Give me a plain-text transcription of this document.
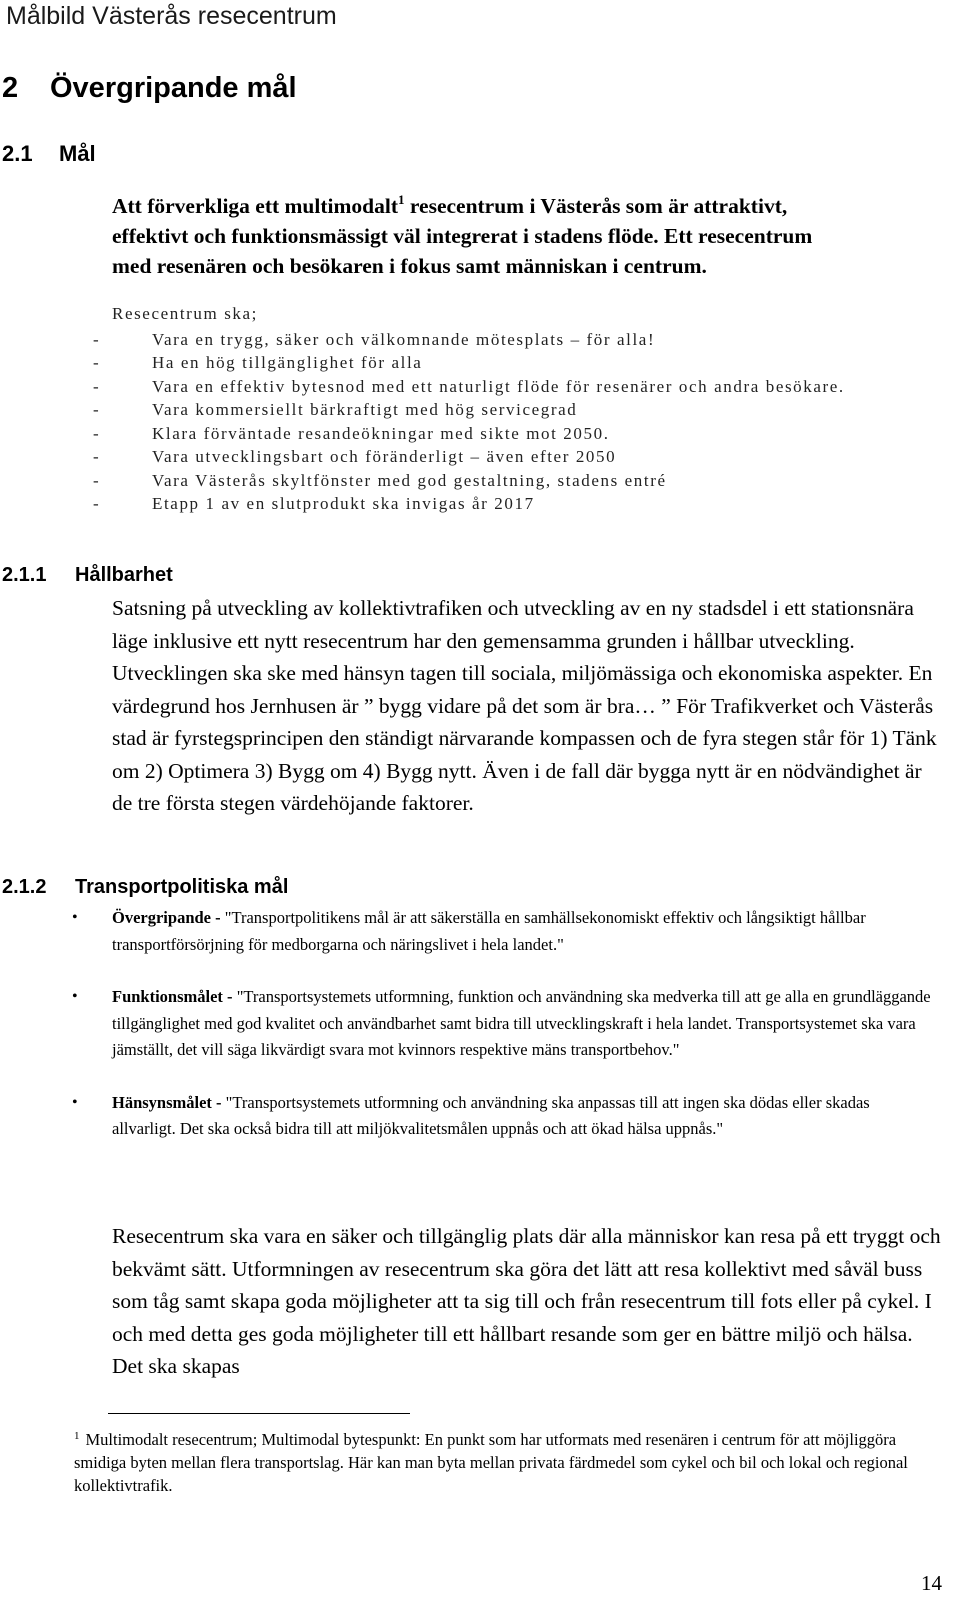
Målbild Västerås resecentrum
2 Övergripande mål
2.1 Mål
Att förverkliga ett multimodalt$^1$ resecentrum i Västerås som är attraktivt,
effektivt och funktionsmässigt väl integrerat i stadens flöde. Ett resecentrum
med resenären och besökaren i fokus samt människan i centrum.
Resecentrum ska;
-	Vara en trygg, säker och välkomnande mötesplats – för alla!
-	Ha en hög tillgänglighet för alla
-	Vara en effektiv bytesnod med ett naturligt flöde för resenärer och andra besökare.
-	Vara kommersiellt bärkraftigt med hög servicegrad
-	Klara förväntade resandeökningar med sikte mot 2050.
-	Vara utvecklingsbart och föränderligt – även efter 2050
-	Vara Västerås skyltfönster med god gestaltning, stadens entré
-	Etapp 1 av en slutprodukt ska invigas år 2017
2.1.1 Hållbarhet
Satsning på utveckling av kollektivtrafiken och utveckling av en ny stadsdel i ett stationsnära läge inklusive ett nytt resecentrum har den gemensamma grunden i hållbar utveckling. Utvecklingen ska ske med hänsyn tagen till sociala, miljömässiga och ekonomiska aspekter. En värdegrund hos Jernhusen är ” bygg vidare på det som är bra… ” För Trafikverket och Västerås stad är fyrstegsprincipen den ständigt närvarande kompassen och de fyra stegen står för 1) Tänk om 2) Optimera 3) Bygg om 4) Bygg nytt. Även i de fall där bygga nytt är en nödvändighet är de tre första stegen värdehöjande faktorer.
2.1.2 Transportpolitiska mål
• Övergripande - "Transportpolitikens mål är att säkerställa en samhällsekonomiskt effektiv och långsiktigt hållbar transportförsörjning för medborgarna och näringslivet i hela landet."
• Funktionsmålet - "Transportsystemets utformning, funktion och användning ska medverka till att ge alla en grundläggande tillgänglighet med god kvalitet och användbarhet samt bidra till utvecklingskraft i hela landet. Transportsystemet ska vara jämställt, det vill säga likvärdigt svara mot kvinnors respektive mäns transportbehov."
• Hänsynsmålet - "Transportsystemets utformning och användning ska anpassas till att ingen ska dödas eller skadas allvarligt. Det ska också bidra till att miljökvalitetsmålen uppnås och att ökad hälsa uppnås."
Resecentrum ska vara en säker och tillgänglig plats där alla människor kan resa på ett tryggt och bekvämt sätt. Utformningen av resecentrum ska göra det lätt att resa kollektivt med såväl buss som tåg samt skapa goda möjligheter att ta sig till och från resecentrum till fots eller på cykel. I och med detta ges goda möjligheter till ett hållbart resande som ger en bättre miljö och hälsa. Det ska skapas
$^1$ Multimodalt resecentrum; Multimodal bytespunkt: En punkt som har utformats med resenären i centrum för att möjliggöra smidiga byten mellan flera transportslag. Här kan man byta mellan privata färdmedel som cykel och bil och lokal och regional kollektivtrafik.
14
